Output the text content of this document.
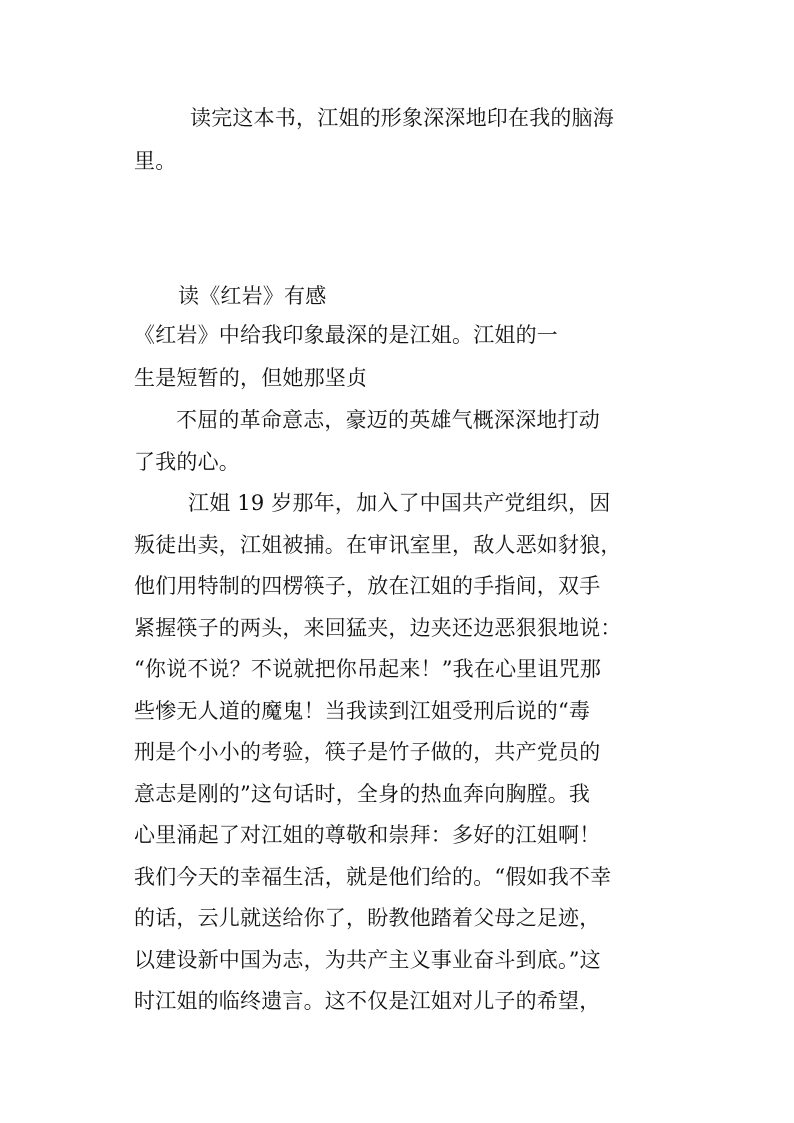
读完这本书，江姐的形象深深地印在我的脑海
里。
读《红岩》有感
《红岩》中给我印象最深的是江姐。江姐的一
生是短暂的，但她那坚贞
不屈的革命意志，豪迈的英雄气概深深地打动
了我的心。
江姐 19 岁那年，加入了中国共产党组织，因
叛徒出卖，江姐被捕。在审讯室里，敌人恶如豺狼，
他们用特制的四楞筷子，放在江姐的手指间，双手
紧握筷子的两头，来回猛夹，边夹还边恶狠狠地说：
“你说不说？不说就把你吊起来！”我在心里诅咒那
些惨无人道的魔鬼！当我读到江姐受刑后说的“毒
刑是个小小的考验，筷子是竹子做的，共产党员的
意志是刚的”这句话时，全身的热血奔向胸膛。我
心里涌起了对江姐的尊敬和崇拜：多好的江姐啊！
我们今天的幸福生活，就是他们给的。“假如我不幸
的话，云儿就送给你了，盼教他踏着父母之足迹，
以建设新中国为志，为共产主义事业奋斗到底。”这
时江姐的临终遗言。这不仅是江姐对儿子的希望，
